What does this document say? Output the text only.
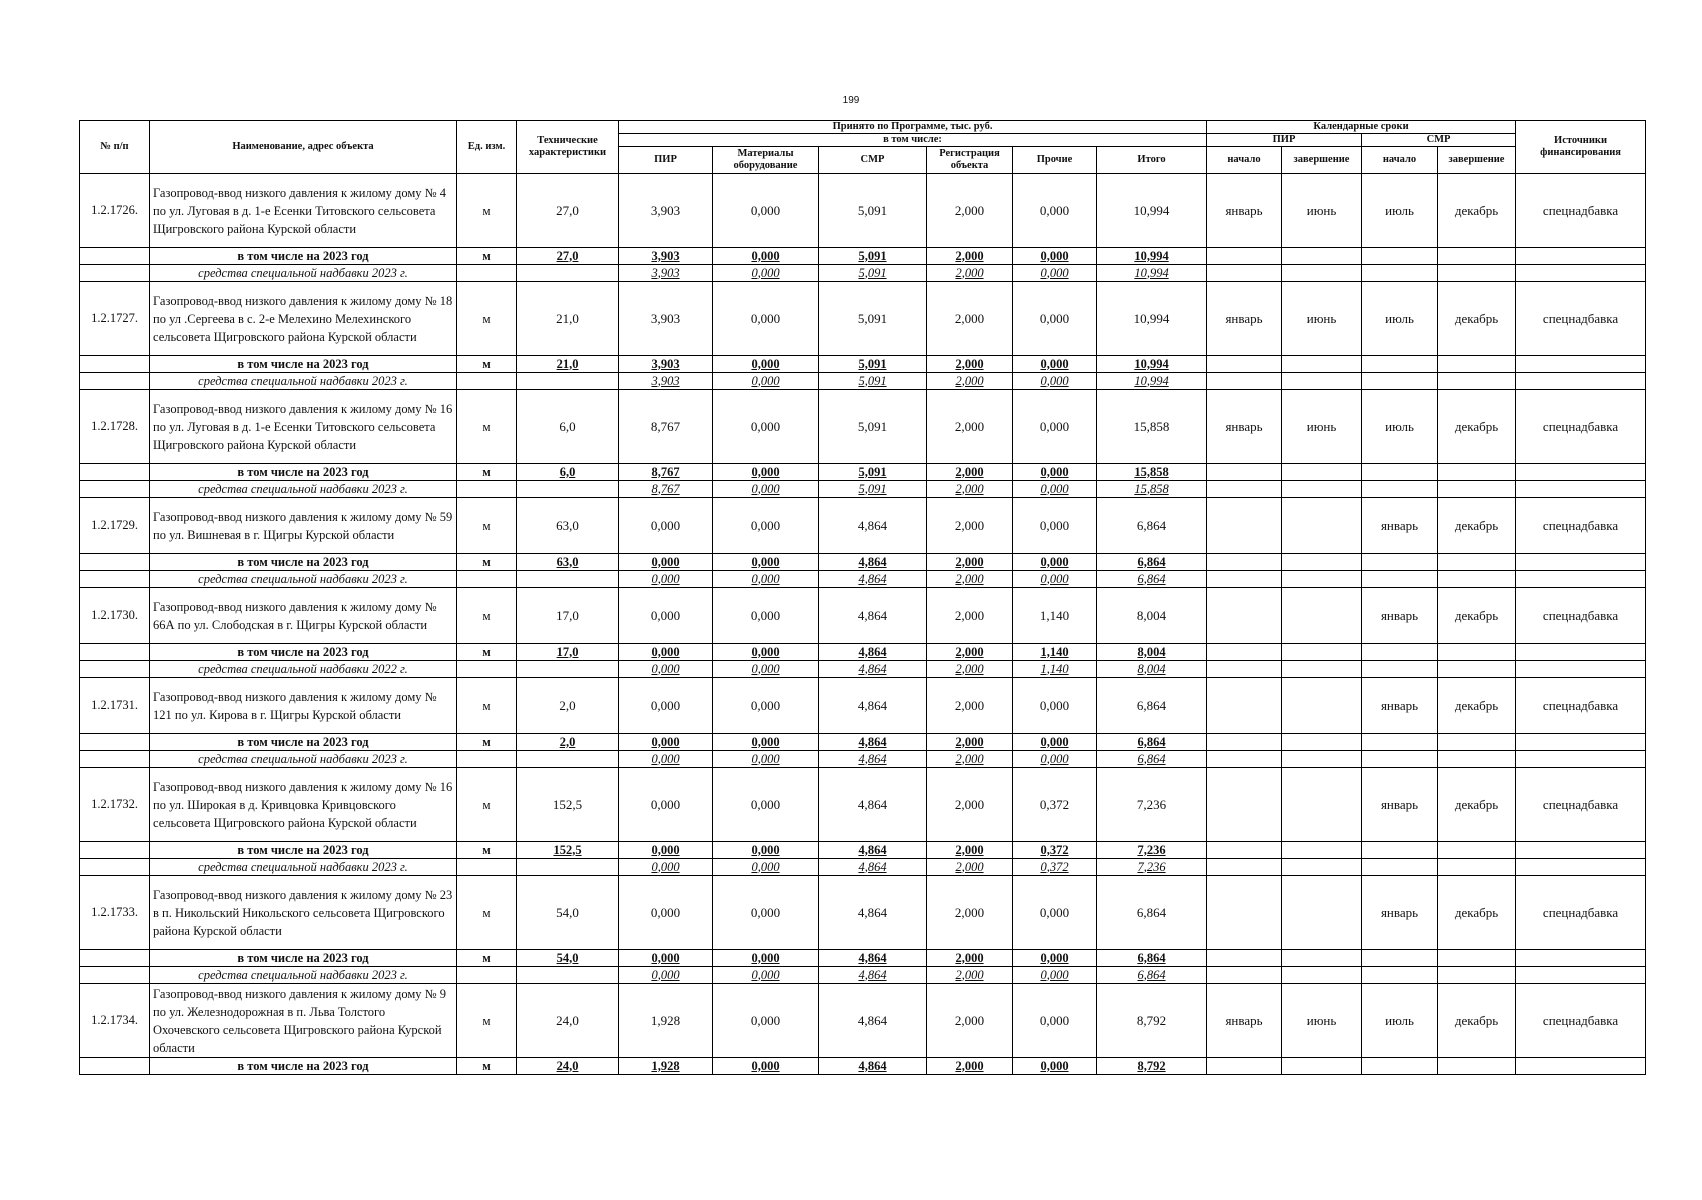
199
№ п/п	Наименование, адрес объекта	Ед. изм.	Технические характеристики	Принято по Программе, тыс. руб.						Календарные сроки				Источники финансирования
				в том числе:						ПИР		СМР		
				ПИР	Материалы оборудование	СМР	Регистрация объекта	Прочие	Итого	начало	завершение	начало	завершение	
1.2.1726.	Газопровод-ввод низкого давления к жилому дому № 4 по ул. Луговая в д. 1-е Есенки Титовского сельсовета Щигровского района Курской области	м	27,0	3,903	0,000	5,091	2,000	0,000	10,994	январь	июнь	июль	декабрь	спецнадбавка
	в том числе на 2023 год	м	27,0	3,903	0,000	5,091	2,000	0,000	10,994					
	средства специальной надбавки 2023 г.			3,903	0,000	5,091	2,000	0,000	10,994					
1.2.1727.	Газопровод-ввод низкого давления к жилому дому № 18 по ул .Сергеева в с. 2-е Мелехино Мелехинского сельсовета Щигровского района Курской области	м	21,0	3,903	0,000	5,091	2,000	0,000	10,994	январь	июнь	июль	декабрь	спецнадбавка
	в том числе на 2023 год	м	21,0	3,903	0,000	5,091	2,000	0,000	10,994					
	средства специальной надбавки 2023 г.			3,903	0,000	5,091	2,000	0,000	10,994					
1.2.1728.	Газопровод-ввод низкого давления к жилому дому № 16 по ул. Луговая в д. 1-е Есенки Титовского сельсовета Щигровского района Курской области	м	6,0	8,767	0,000	5,091	2,000	0,000	15,858	январь	июнь	июль	декабрь	спецнадбавка
	в том числе на 2023 год	м	6,0	8,767	0,000	5,091	2,000	0,000	15,858					
	средства специальной надбавки 2023 г.			8,767	0,000	5,091	2,000	0,000	15,858					
1.2.1729.	Газопровод-ввод низкого давления к жилому дому № 59 по ул. Вишневая в г. Щигры Курской области	м	63,0	0,000	0,000	4,864	2,000	0,000	6,864			январь	декабрь	спецнадбавка
	в том числе на 2023 год	м	63,0	0,000	0,000	4,864	2,000	0,000	6,864					
	средства специальной надбавки 2023 г.			0,000	0,000	4,864	2,000	0,000	6,864					
1.2.1730.	Газопровод-ввод низкого давления к жилому дому № 66А по ул. Слободская в г. Щигры Курской области	м	17,0	0,000	0,000	4,864	2,000	1,140	8,004			январь	декабрь	спецнадбавка
	в том числе на 2023 год	м	17,0	0,000	0,000	4,864	2,000	1,140	8,004					
	средства специальной надбавки 2022 г.			0,000	0,000	4,864	2,000	1,140	8,004					
1.2.1731.	Газопровод-ввод низкого давления к жилому дому № 121 по ул. Кирова в г. Щигры Курской области	м	2,0	0,000	0,000	4,864	2,000	0,000	6,864			январь	декабрь	спецнадбавка
	в том числе на 2023 год	м	2,0	0,000	0,000	4,864	2,000	0,000	6,864					
	средства специальной надбавки 2023 г.			0,000	0,000	4,864	2,000	0,000	6,864					
1.2.1732.	Газопровод-ввод низкого давления к жилому дому № 16 по ул. Широкая в д. Кривцовка Кривцовского сельсовета Щигровского района Курской области	м	152,5	0,000	0,000	4,864	2,000	0,372	7,236			январь	декабрь	спецнадбавка
	в том числе на 2023 год	м	152,5	0,000	0,000	4,864	2,000	0,372	7,236					
	средства специальной надбавки 2023 г.			0,000	0,000	4,864	2,000	0,372	7,236					
1.2.1733.	Газопровод-ввод низкого давления к жилому дому № 23 в п. Никольский Никольского сельсовета Щигровского района Курской области	м	54,0	0,000	0,000	4,864	2,000	0,000	6,864			январь	декабрь	спецнадбавка
	в том числе на 2023 год	м	54,0	0,000	0,000	4,864	2,000	0,000	6,864					
	средства специальной надбавки 2023 г.			0,000	0,000	4,864	2,000	0,000	6,864					
1.2.1734.	Газопровод-ввод низкого давления к жилому дому № 9 по ул. Железнодорожная в п. Льва Толстого Охочевского сельсовета Щигровского района Курской области	м	24,0	1,928	0,000	4,864	2,000	0,000	8,792	январь	июнь	июль	декабрь	спецнадбавка
	в том числе на 2023 год	м	24,0	1,928	0,000	4,864	2,000	0,000	8,792					
